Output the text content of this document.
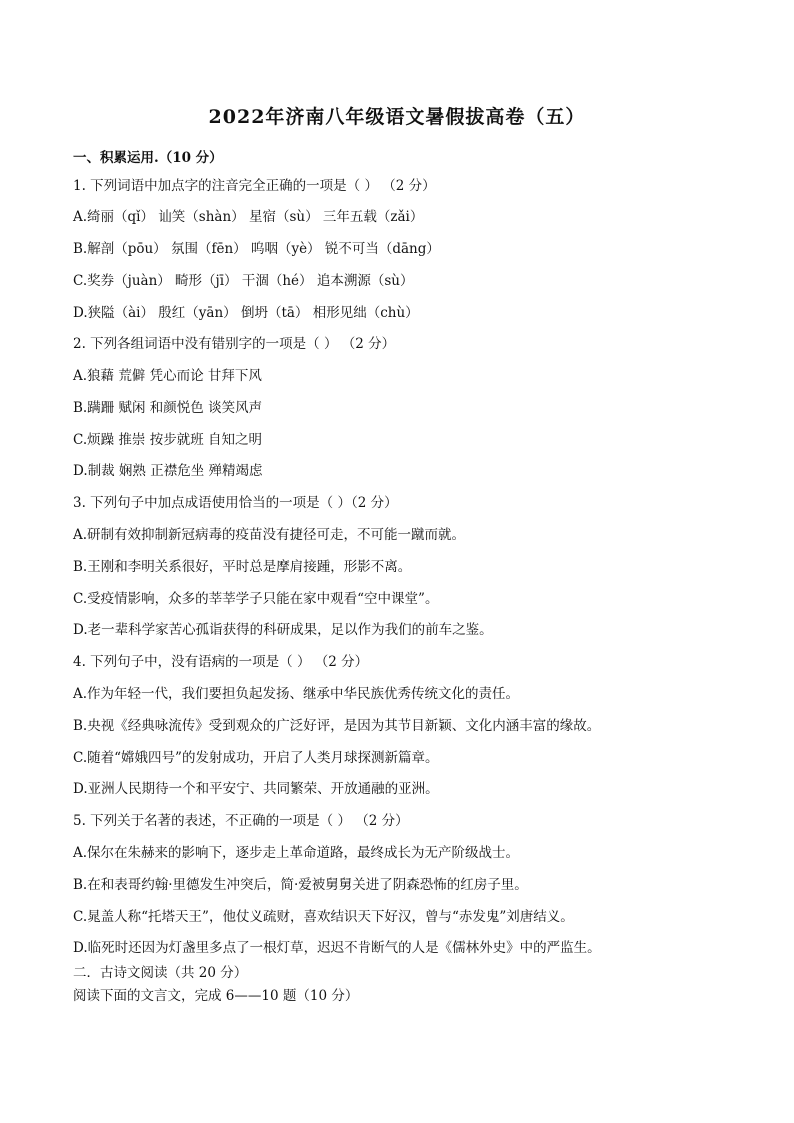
2022年济南八年级语文暑假拔高卷（五）
一、积累运用.（10 分）
1. 下列词语中加点字的注音完全正确的一项是（ ） （2 分）
A.绮丽（qǐ） 讪笑（shàn） 星宿（sù） 三年五载（zǎi）
B.解剖（pōu） 氛围（fēn） 呜咽（yè） 锐不可当（dāng）
C.奖券（juàn） 畸形（jī） 干涸（hé） 追本溯源（sù）
D.狭隘（ài） 殷红（yān） 倒坍（tā） 相形见绌（chù）
2. 下列各组词语中没有错别字的一项是（ ） （2 分）
A.狼藉 荒僻 凭心而论 甘拜下风
B.蹒跚 赋闲 和颜悦色 谈笑风声
C.烦躁 推崇 按步就班 自知之明
D.制裁 娴熟 正襟危坐 殚精竭虑
3. 下列句子中加点成语使用恰当的一项是（ ）（2 分）
A.研制有效抑制新冠病毒的疫苗没有捷径可走，不可能一蹴而就。
B.王刚和李明关系很好，平时总是摩肩接踵，形影不离。
C.受疫情影响，众多的莘莘学子只能在家中观看“空中课堂”。
D.老一辈科学家苦心孤诣获得的科研成果，足以作为我们的前车之鉴。
4. 下列句子中，没有语病的一项是（ ） （2 分）
A.作为年轻一代，我们要担负起发扬、继承中华民族优秀传统文化的责任。
B.央视《经典咏流传》受到观众的广泛好评，是因为其节目新颖、文化内涵丰富的缘故。
C.随着“嫦娥四号”的发射成功，开启了人类月球探测新篇章。
D.亚洲人民期待一个和平安宁、共同繁荣、开放通融的亚洲。
5. 下列关于名著的表述，不正确的一项是（ ） （2 分）
A.保尔在朱赫来的影响下，逐步走上革命道路，最终成长为无产阶级战士。
B.在和表哥约翰·里德发生冲突后，简·爱被舅舅关进了阴森恐怖的红房子里。
C.晁盖人称“托塔天王”，他仗义疏财，喜欢结识天下好汉，曾与“赤发鬼”刘唐结义。
D.临死时还因为灯盏里多点了一根灯草，迟迟不肯断气的人是《儒林外史》中的严监生。
二．古诗文阅读（共 20 分）
阅读下面的文言文，完成 6——10 题（10 分）
